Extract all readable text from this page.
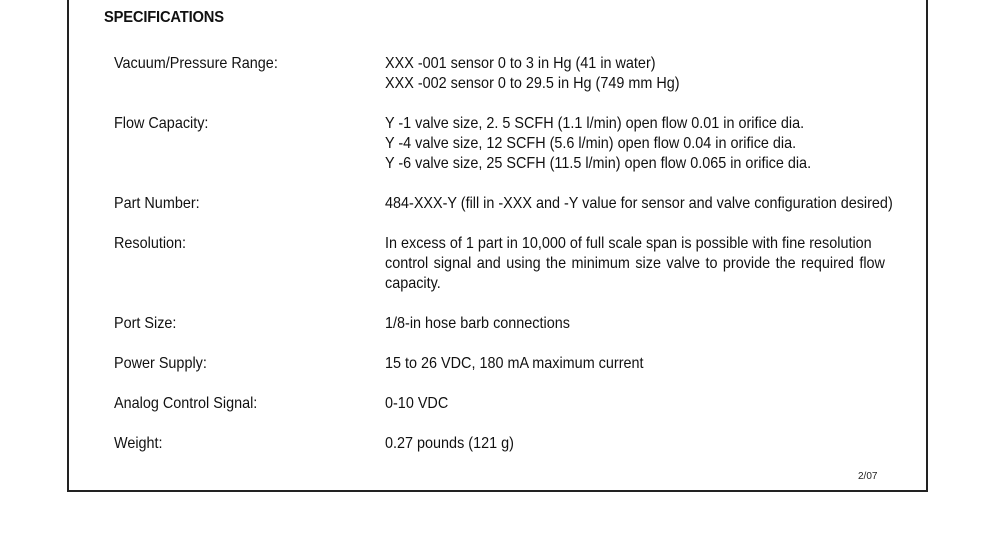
SPECIFICATIONS
Vacuum/Pressure Range:	XXX -001 sensor 0 to 3 in Hg (41 in water)
XXX -002 sensor 0 to 29.5 in Hg (749 mm Hg)
Flow Capacity:	Y -1 valve size, 2. 5 SCFH (1.1 l/min) open flow 0.01 in orifice dia.
Y -4 valve size, 12 SCFH (5.6 l/min) open flow 0.04 in orifice dia.
Y -6 valve size, 25 SCFH (11.5 l/min) open flow 0.065 in orifice dia.
Part Number:	484-XXX-Y (fill in -XXX and -Y value for sensor and valve configuration desired)
Resolution:	In excess of 1 part in 10,000 of full scale span is possible with fine resolution
control signal and using the minimum size valve to provide the required flow
capacity.
Port Size:	1/8-in hose barb connections
Power Supply:	15 to 26 VDC, 180 mA maximum current
Analog Control Signal:	0-10 VDC
Weight:	0.27 pounds (121 g)
2/07
